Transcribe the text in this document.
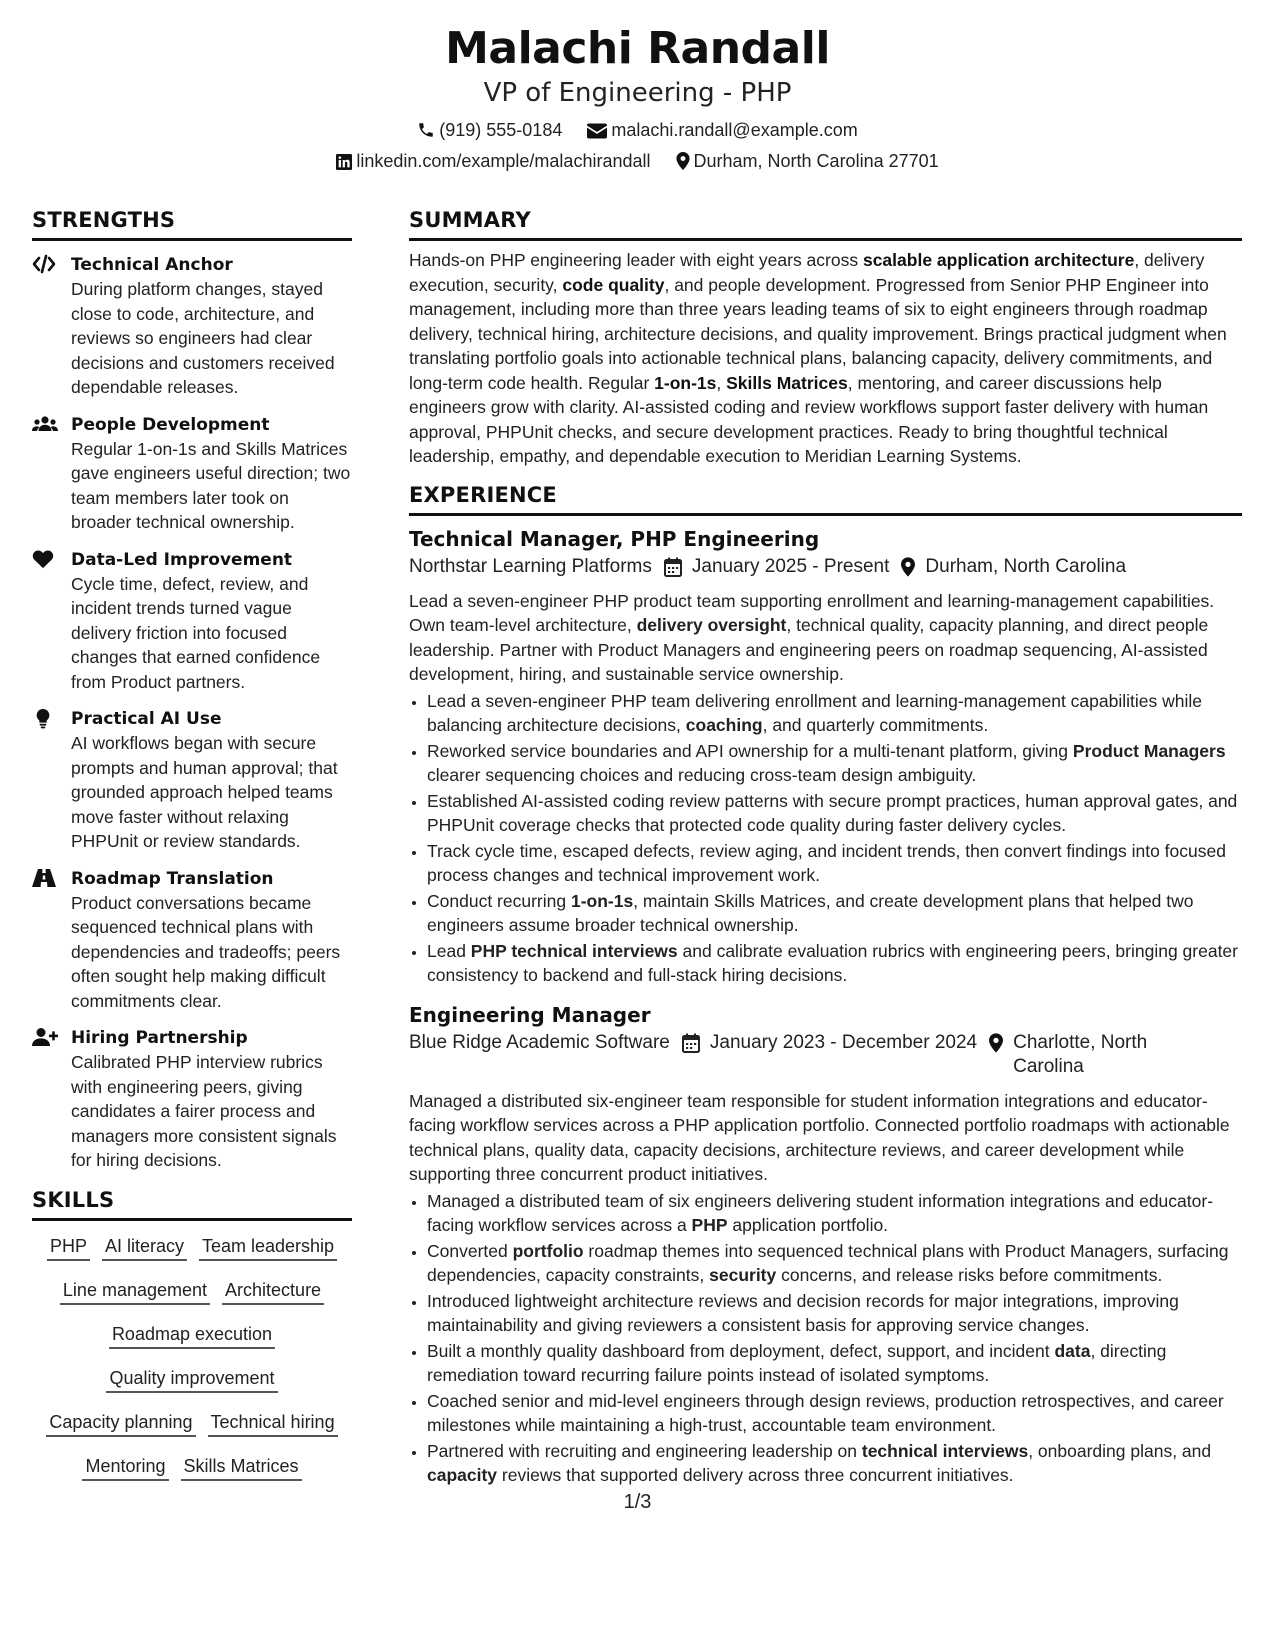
Malachi Randall
VP of Engineering - PHP
(919) 555-0184	malachi.randall@example.com
linkedin.com/example/malachirandall Durham, North Carolina 27701
STRENGTHS
Technical Anchor
During platform changes, stayed close to code, architecture, and reviews so engineers had clear decisions and customers received dependable releases.
People Development
Regular 1-on-1s and Skills Matrices gave engineers useful direction; two team members later took on broader technical ownership.
Data-Led Improvement
Cycle time, defect, review, and incident trends turned vague delivery friction into focused changes that earned confidence from Product partners.
Practical AI Use
AI workflows began with secure prompts and human approval; that grounded approach helped teams move faster without relaxing PHPUnit or review standards.
Roadmap Translation
Product conversations became sequenced technical plans with dependencies and tradeoffs; peers often sought help making difficult commitments clear.
Hiring Partnership
Calibrated PHP interview rubrics with engineering peers, giving candidates a fairer process and managers more consistent signals for hiring decisions.
SKILLS
PHP AI literacy Team leadership
Line management Architecture
Roadmap execution
Quality improvement
Capacity planning Technical hiring
Mentoring Skills Matrices
SUMMARY
Hands-on PHP engineering leader with eight years across scalable application architecture, delivery execution, security, code quality, and people development. Progressed from Senior PHP Engineer into management, including more than three years leading teams of six to eight engineers through roadmap delivery, technical hiring, architecture decisions, and quality improvement. Brings practical judgment when translating portfolio goals into actionable technical plans, balancing capacity, delivery commitments, and long-term code health. Regular 1-on-1s, Skills Matrices, mentoring, and career discussions help engineers grow with clarity. AI-assisted coding and review workflows support faster delivery with human approval, PHPUnit checks, and secure development practices. Ready to bring thoughtful technical leadership, empathy, and dependable execution to Meridian Learning Systems.
EXPERIENCE
Technical Manager, PHP Engineering
Northstar Learning Platforms January 2025 - Present Durham, North Carolina
Lead a seven-engineer PHP product team supporting enrollment and learning-management capabilities. Own team-level architecture, delivery oversight, technical quality, capacity planning, and direct people leadership. Partner with Product Managers and engineering peers on roadmap sequencing, AI-assisted development, hiring, and sustainable service ownership.
• Lead a seven-engineer PHP team delivering enrollment and learning-management capabilities while balancing architecture decisions, coaching, and quarterly commitments.
• Reworked service boundaries and API ownership for a multi-tenant platform, giving Product Managers clearer sequencing choices and reducing cross-team design ambiguity.
• Established AI-assisted coding review patterns with secure prompt practices, human approval gates, and PHPUnit coverage checks that protected code quality during faster delivery cycles.
• Track cycle time, escaped defects, review aging, and incident trends, then convert findings into focused process changes and technical improvement work.
• Conduct recurring 1-on-1s, maintain Skills Matrices, and create development plans that helped two engineers assume broader technical ownership.
• Lead PHP technical interviews and calibrate evaluation rubrics with engineering peers, bringing greater consistency to backend and full-stack hiring decisions.
Engineering Manager
Blue Ridge Academic Software January 2023 - December 2024 Charlotte, North Carolina
Managed a distributed six-engineer team responsible for student information integrations and educator-facing workflow services across a PHP application portfolio. Connected portfolio roadmaps with actionable technical plans, quality data, capacity decisions, architecture reviews, and career development while supporting three concurrent product initiatives.
• Managed a distributed team of six engineers delivering student information integrations and educator-facing workflow services across a PHP application portfolio.
• Converted portfolio roadmap themes into sequenced technical plans with Product Managers, surfacing dependencies, capacity constraints, security concerns, and release risks before commitments.
• Introduced lightweight architecture reviews and decision records for major integrations, improving maintainability and giving reviewers a consistent basis for approving service changes.
• Built a monthly quality dashboard from deployment, defect, support, and incident data, directing remediation toward recurring failure points instead of isolated symptoms.
• Coached senior and mid-level engineers through design reviews, production retrospectives, and career milestones while maintaining a high-trust, accountable team environment.
• Partnered with recruiting and engineering leadership on technical interviews, onboarding plans, and capacity reviews that supported delivery across three concurrent initiatives.
1/3
